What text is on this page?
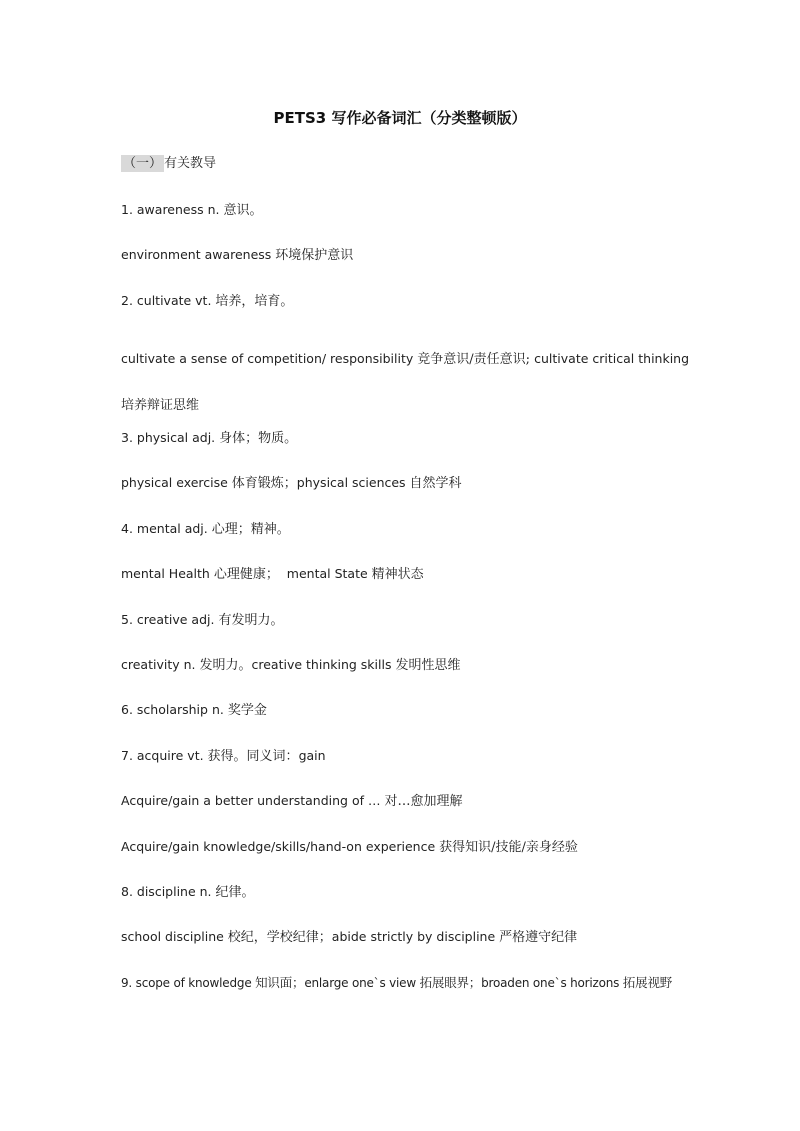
PETS3 写作必备词汇（分类整顿版）
（一） 有关教导
1. awareness n. 意识。
environment awareness 环境保护意识
2. cultivate vt. 培养，培育。
cultivate a sense of competition/ responsibility 竞争意识/责任意识; cultivate critical thinking 培养辩证思维
3. physical adj. 身体；物质。
physical exercise 体育锻炼；physical sciences 自然学科
4. mental adj. 心理；精神。
mental Health 心理健康；  mental State 精神状态
5. creative adj. 有发明力。
creativity n. 发明力。creative thinking skills 发明性思维
6. scholarship n. 奖学金
7. acquire vt. 获得。同义词：gain
Acquire/gain a better understanding of … 对…愈加理解
Acquire/gain knowledge/skills/hand-on experience 获得知识/技能/亲身经验
8. discipline n. 纪律。
school discipline 校纪，学校纪律；abide strictly by discipline 严格遵守纪律
9. scope of knowledge 知识面；enlarge one`s view 拓展眼界；broaden one`s horizons 拓展视野
